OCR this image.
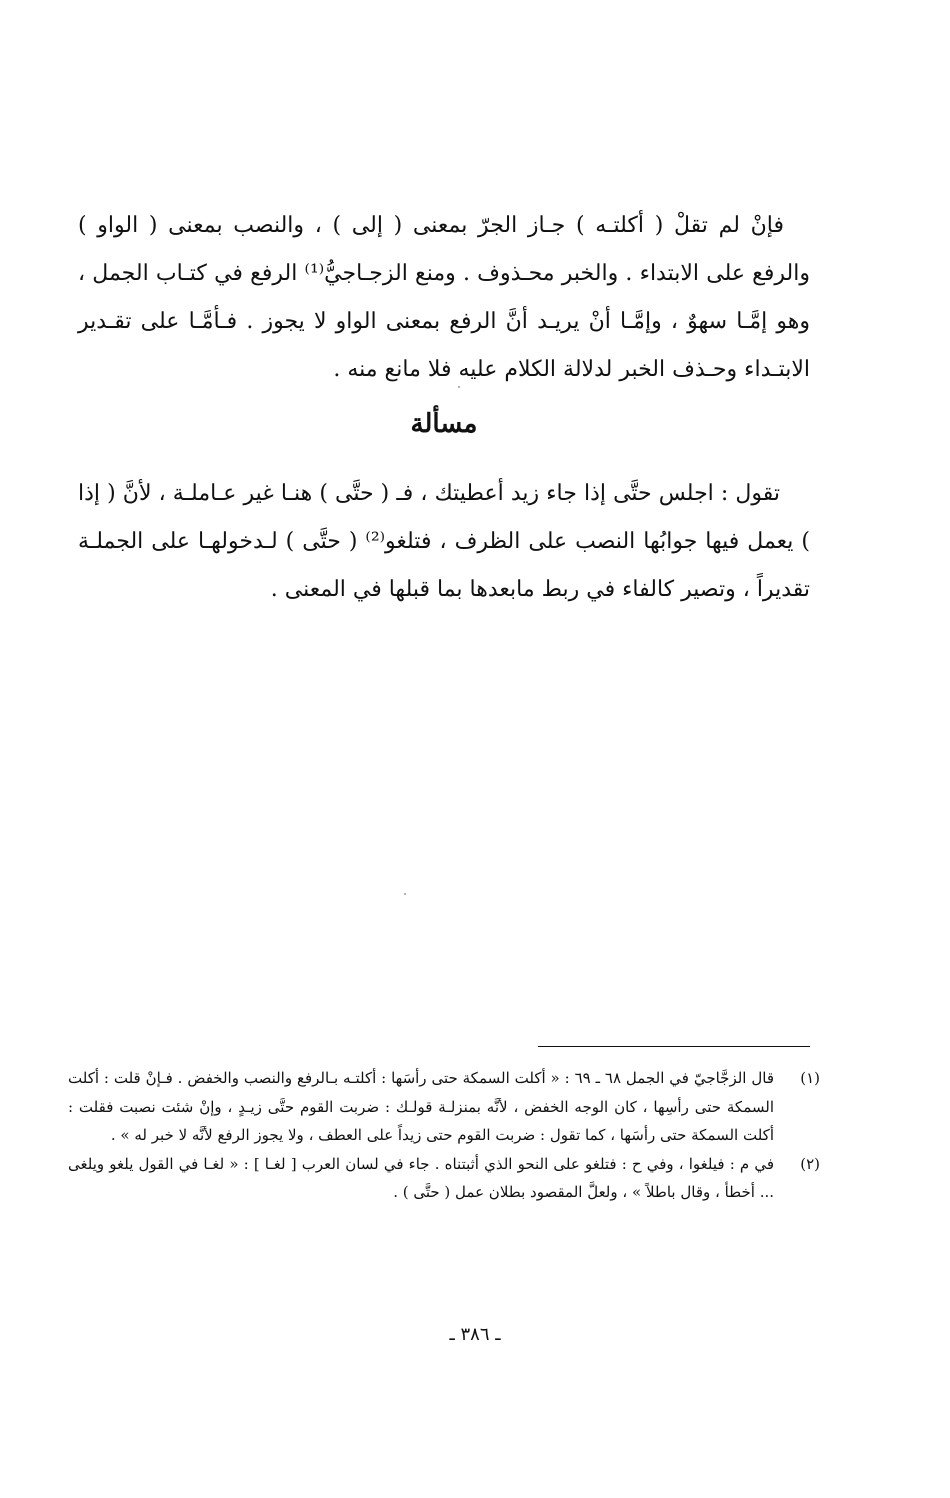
فإنْ لم تقلْ ( أكلتـه ) جـاز الجرّ بمعنى ( إلى ) ، والنصب بمعنى ( الواو ) والرفع على الابتداء . والخبر محـذوف . ومنع الزجـاجيُّ⁽¹⁾ الرفع في كتـاب الجمل ، وهو إمَّـا سهوٌ ، وإمَّـا أنْ يريـد أنَّ الرفع بمعنى الواو لا يجوز . فـأمَّـا على تقـدير الابتـداء وحـذف الخبر لدلالة الكلام عليه فلا مانع منه .

مسألة

تقول : اجلس حتَّى إذا جاء زيد أعطيتك ، فـ ( حتَّى ) هنـا غير عـاملـة ، لأنَّ ( إذا ) يعمل فيها جوابُها النصب على الظرف ، فتلغو⁽²⁾ ( حتَّى ) لـدخولهـا على الجملـة تقديراً ، وتصير كالفاء في ربط مابعدها بما قبلها في المعنى .

(١)
قال الزجَّاجيّ في الجمل ٦٨ ـ ٦٩ : « أكلت السمكة حتى رأسَها : أكلتـه بـالرفع والنصب والخفض . فـإنْ قلت : أكلت السمكة حتى رأسِها ، كان الوجه الخفض ، لأنَّه بمنزلـة قولـك : ضربت القوم حتَّى زيـدٍ ، وإنْ شئت نصبت فقلت : أكلت السمكة حتى رأسَها ، كما تقول : ضربت القوم حتى زيداً على العطف ، ولا يجوز الرفع لأنَّه لا خبر له » .
(٢)
في م : فيلغوا ، وفي ح : فتلغو على النحو الذي أثبتناه . جاء في لسان العرب [ لغـا ] : « لغـا في القول يلغو ويلغى ... أخطأ ، وقال باطلاً » ، ولعلَّ المقصود بطلان عمل ( حتَّى ) .
ـ ٣٨٦ ـ
